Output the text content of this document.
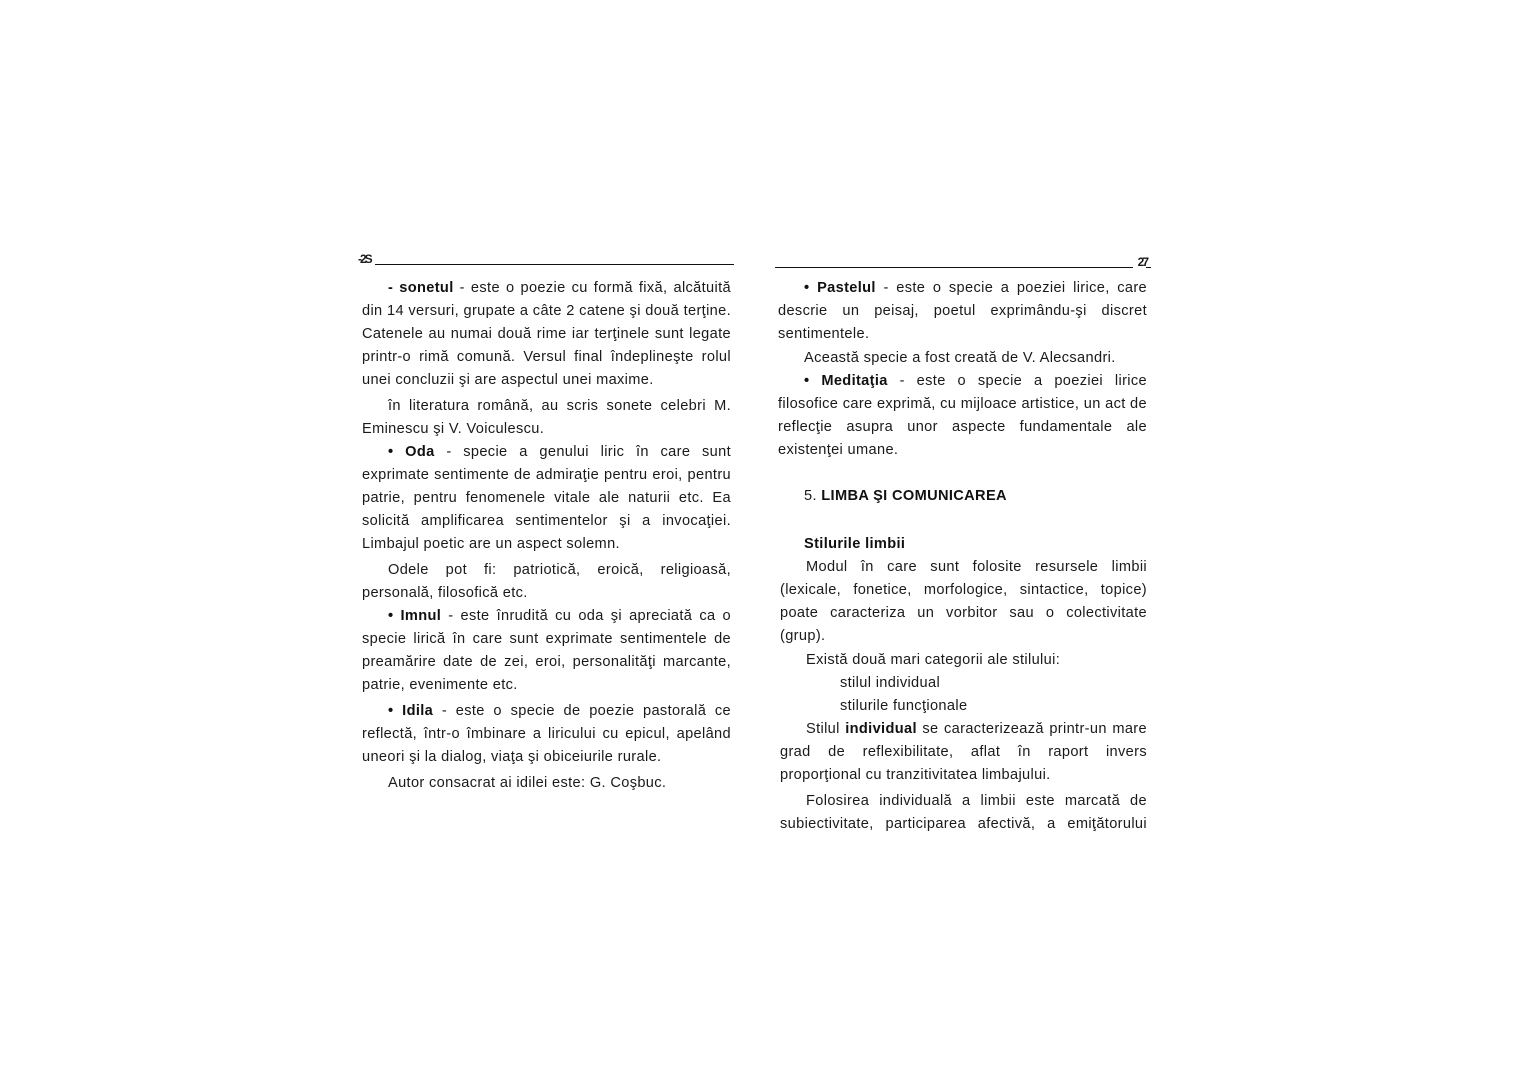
-2S	27

- sonetul - este o poezie cu formă fixă, alcătuită din 14 versuri, grupate a câte 2 catene şi două terţine. Catenele au numai două rime iar terţinele sunt legate printr-o rimă comună. Versul final îndeplineşte rolul unei concluzii şi are aspectul unei maxime.

în literatura română, au scris sonete celebri M. Eminescu şi V. Voiculescu.

• Oda - specie a genului liric în care sunt exprimate sentimente de admiraţie pentru eroi, pentru patrie, pentru fenomenele vitale ale naturii etc. Ea solicită amplificarea sentimentelor şi a invocaţiei. Limbajul poetic are un aspect solemn.

Odele pot fi: patriotică, eroică, religioasă, personală, filosofică etc.

• Imnul - este înrudită cu oda şi apreciată ca o specie lirică în care sunt exprimate sentimentele de preamărire date de zei, eroi, personalităţi marcante, patrie, evenimente etc.

• Idila - este o specie de poezie pastorală ce reflectă, într-o îmbinare a liricului cu epicul, apelând uneori şi la dialog, viaţa şi obiceiurile rurale.

Autor consacrat ai idilei este: G. Coşbuc.

• Pastelul - este o specie a poeziei lirice, care descrie un peisaj, poetul exprimându-şi discret sentimentele.

Această specie a fost creată de V. Alecsandri.

• Meditaţia - este o specie a poeziei lirice filosofice care exprimă, cu mijloace artistice, un act de reflecţie asupra unor aspecte fundamentale ale existenţei umane.

5. LIMBA ŞI COMUNICAREA

Stilurile limbii

Modul în care sunt folosite resursele limbii (lexicale, fonetice, morfologice, sintactice, topice) poate caracteriza un vorbitor sau o colectivitate (grup).

Există două mari categorii ale stilului:

stilul individual

stilurile funcţionale

Stilul individual se caracterizează printr-un mare grad de reflexibilitate, aflat în raport invers proporţional cu tranzitivitatea limbajului.

Folosirea individuală a limbii este marcată de subiectivitate, participarea afectivă, a emiţătorului
